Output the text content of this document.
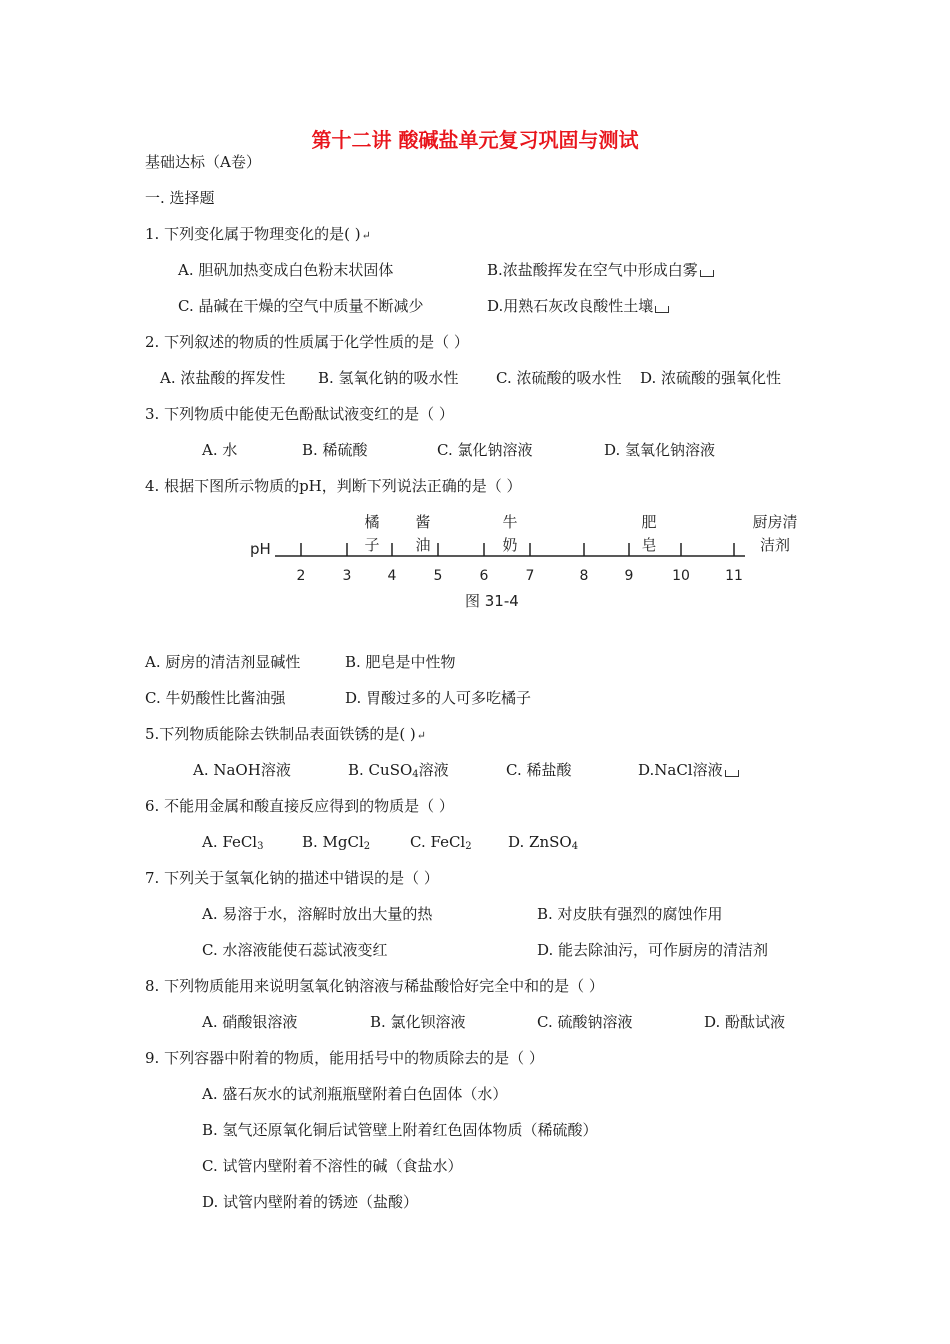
第十二讲 酸碱盐单元复习巩固与测试
基础达标（A卷）
一. 选择题
1. 下列变化属于物理变化的是( )↵
A. 胆矾加热变成白色粉末状固体	B.浓盐酸挥发在空气中形成白雾
C. 晶碱在干燥的空气中质量不断减少	D.用熟石灰改良酸性土壤
2. 下列叙述的物质的性质属于化学性质的是（ ）
A. 浓盐酸的挥发性 B. 氢氧化钠的吸水性 C. 浓硫酸的吸水性 D. 浓硫酸的强氧化性
3. 下列物质中能使无色酚酞试液变红的是（ ）
A. 水	B. 稀硫酸	C. 氯化钠溶液	D. 氢氧化钠溶液
4. 根据下图所示物质的pH，判断下列说法正确的是（ ）
pH
2	3	4	5	6	7	8	9	10	11
橘
子
酱
油
牛
奶
肥
皂
厨房清
洁剂
图 31-4
A. 厨房的清洁剂显碱性	B. 肥皂是中性物
C. 牛奶酸性比酱油强	D. 胃酸过多的人可多吃橘子
5.下列物质能除去铁制品表面铁锈的是( )↵
A. NaOH溶液	B. CuSO$_4$溶液	C. 稀盐酸	D.NaCl溶液
6. 不能用金属和酸直接反应得到的物质是（ ）
A. FeCl$_3$	B. MgCl$_2$	C. FeCl$_2$ D. ZnSO$_4$
7. 下列关于氢氧化钠的描述中错误的是（ ）
A. 易溶于水，溶解时放出大量的热	B. 对皮肤有强烈的腐蚀作用
C. 水溶液能使石蕊试液变红	D. 能去除油污，可作厨房的清洁剂
8. 下列物质能用来说明氢氧化钠溶液与稀盐酸恰好完全中和的是（ ）
A. 硝酸银溶液	B. 氯化钡溶液	C. 硫酸钠溶液	D. 酚酞试液
9. 下列容器中附着的物质，能用括号中的物质除去的是（ ）
A. 盛石灰水的试剂瓶瓶壁附着白色固体（水）
B. 氢气还原氧化铜后试管壁上附着红色固体物质（稀硫酸）
C. 试管内壁附着不溶性的碱（食盐水）
D. 试管内壁附着的锈迹（盐酸）
